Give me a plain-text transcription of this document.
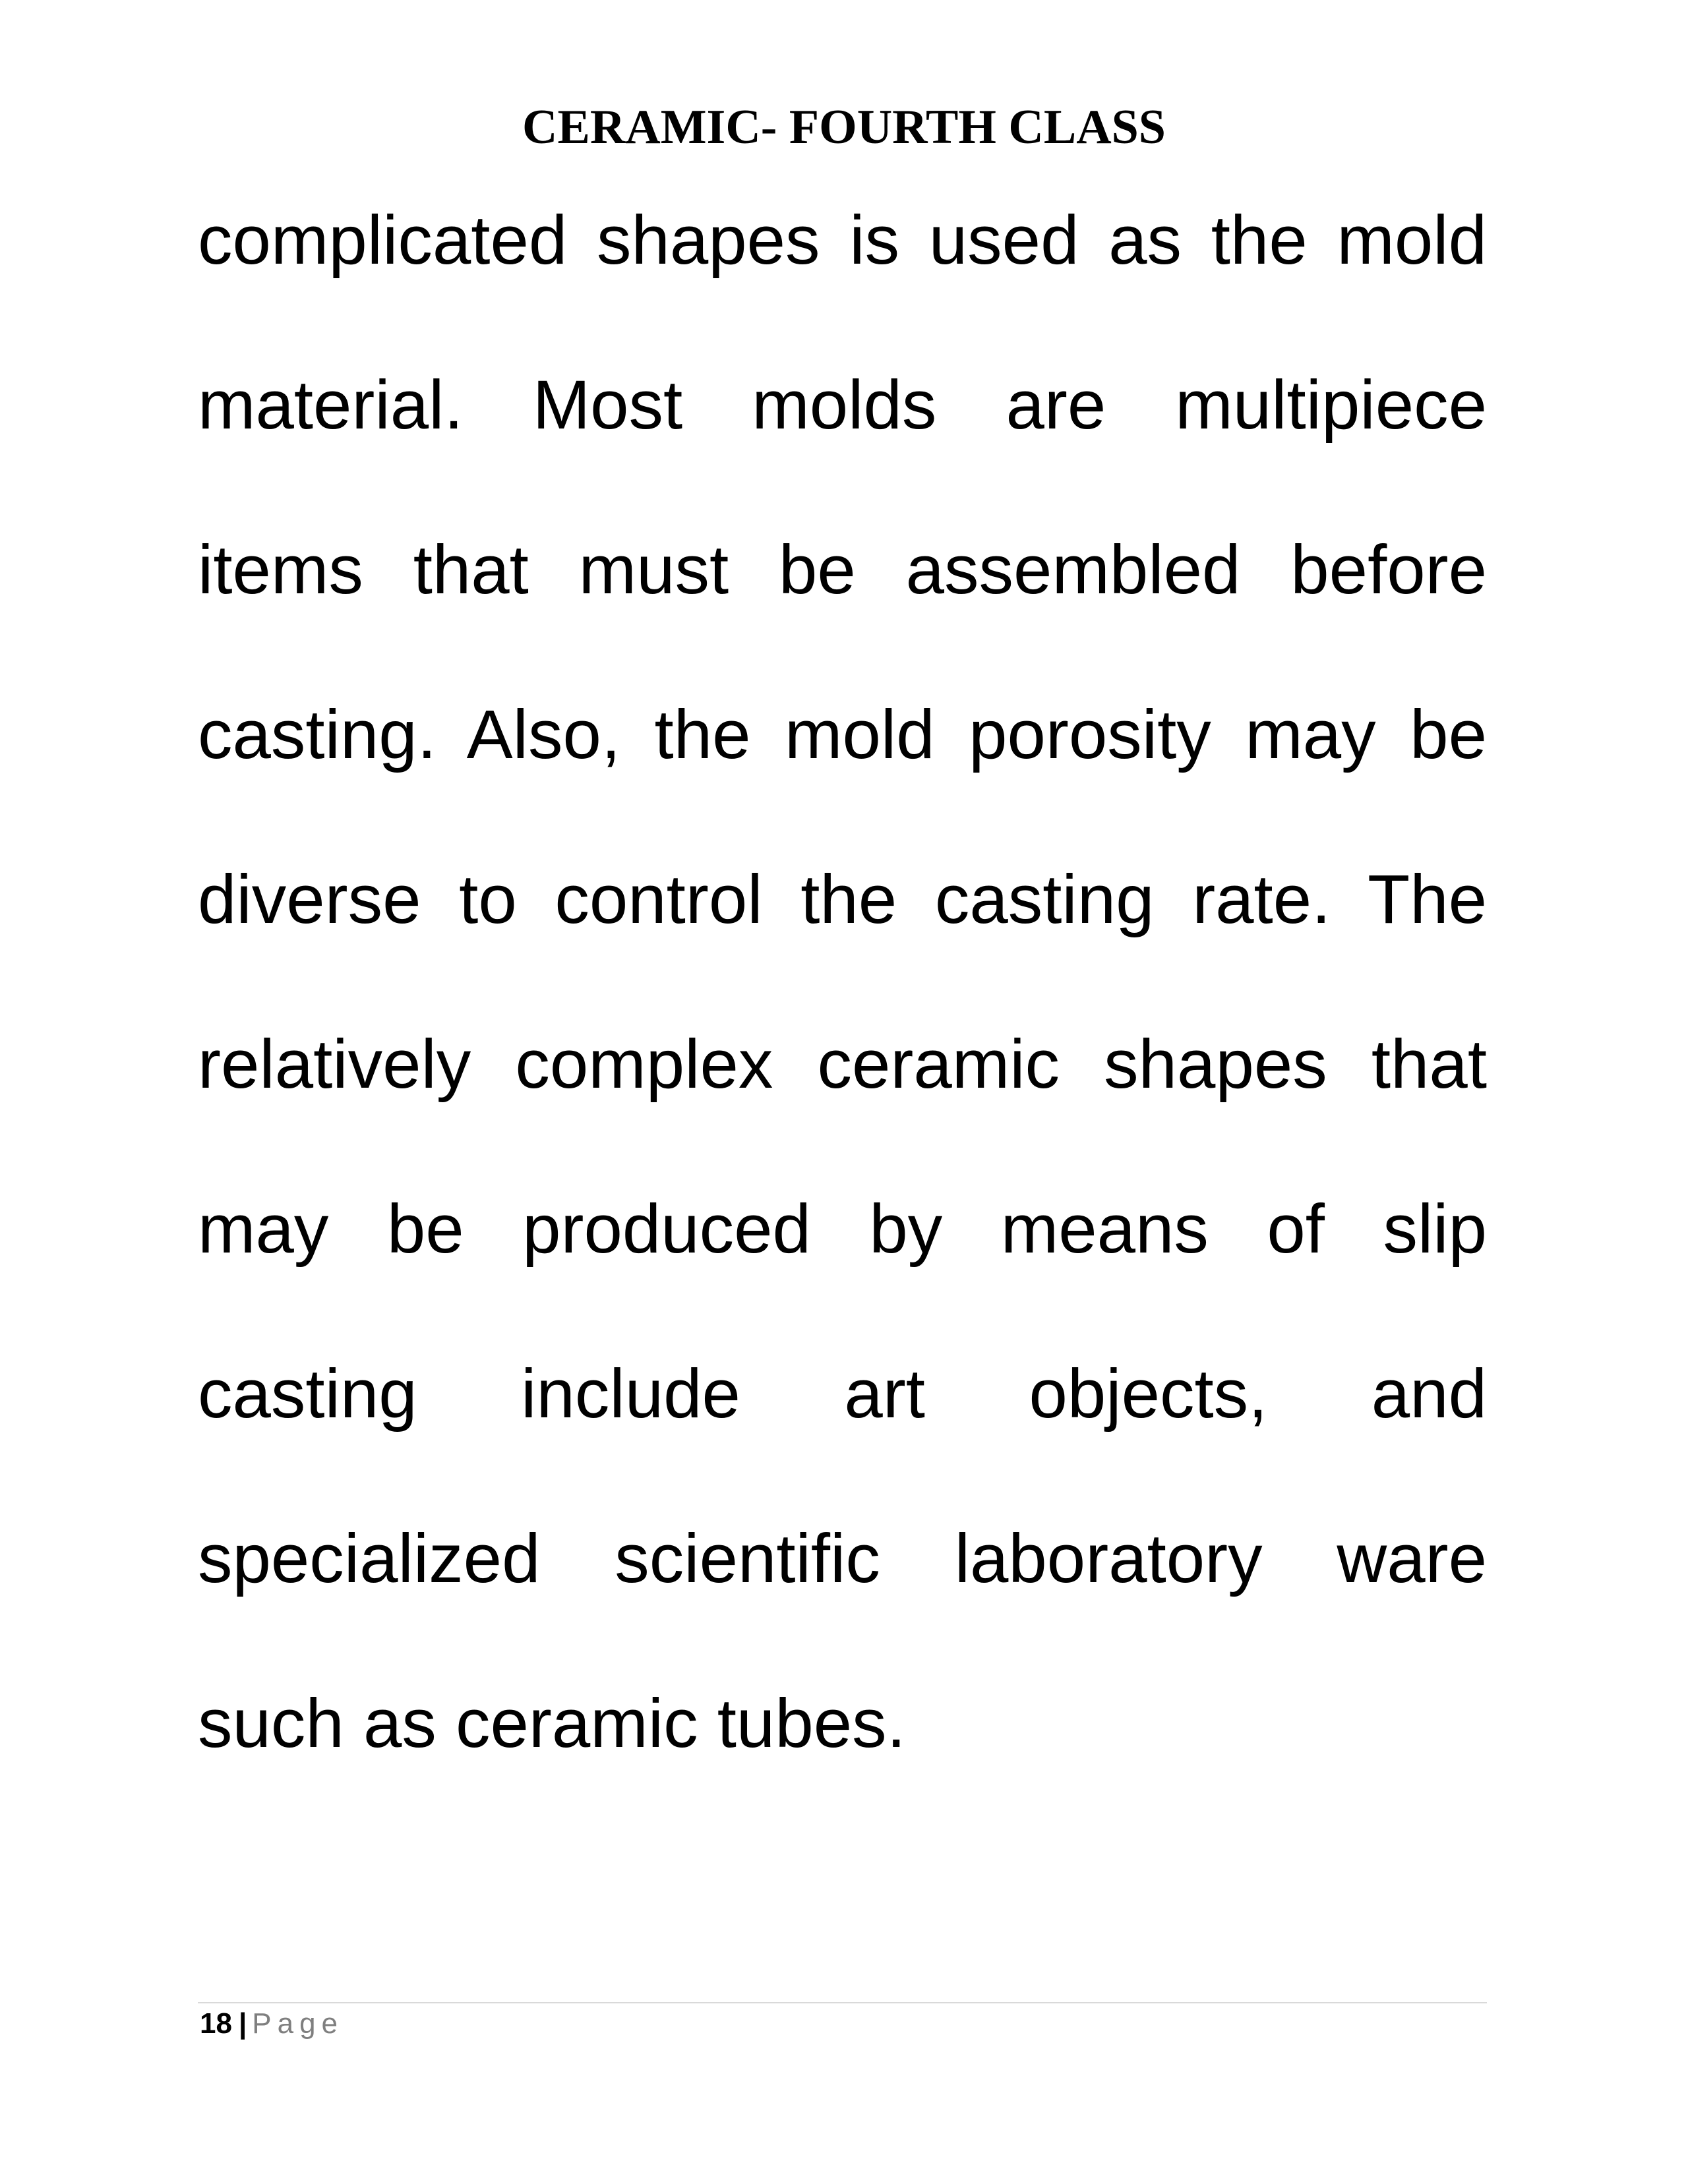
CERAMIC- FOURTH CLASS
complicated shapes is used as the mold
material. Most molds are multipiece
items that must be assembled before
casting. Also, the mold porosity may be
diverse to control the casting rate. The
relatively complex ceramic shapes that
may be produced by means of slip
casting include art objects, and
specialized scientific laboratory ware
such as ceramic tubes.
18 | Page
